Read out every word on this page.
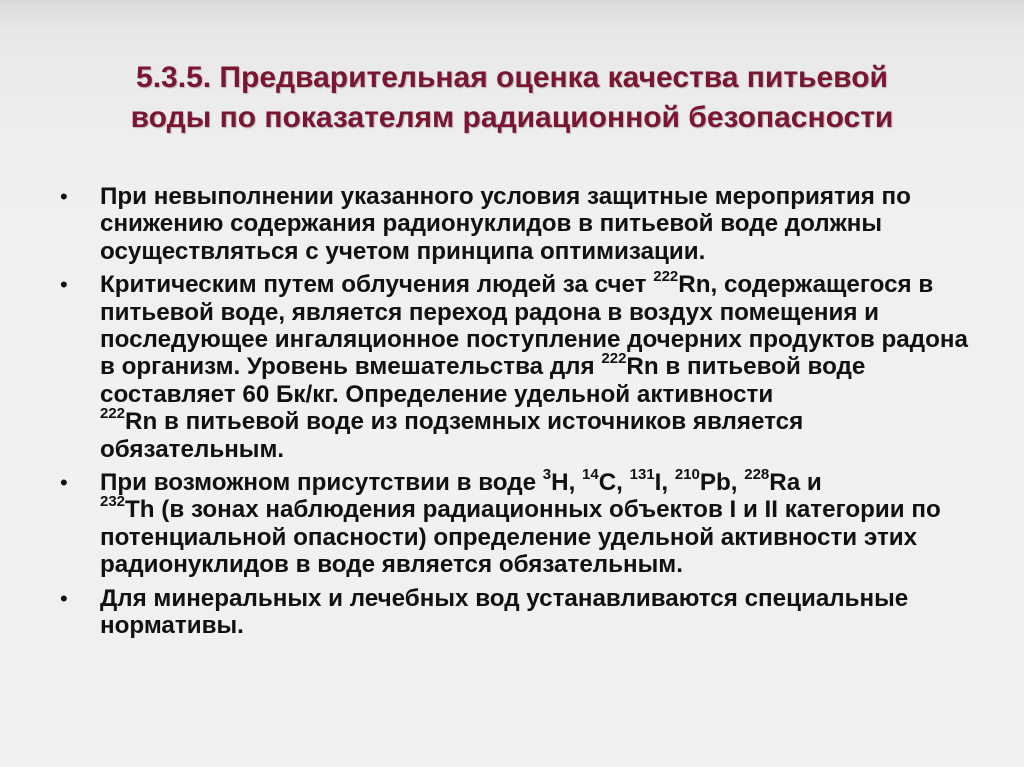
5.3.5. Предварительная оценка качества питьевой
воды по показателям радиационной безопасности
• При невыполнении указанного условия защитные мероприятия по снижению содержания радионуклидов в питьевой воде должны осуществляться с учетом принципа оптимизации.
• Критическим путем облучения людей за счет $^{222}$Rn, содержащегося в питьевой воде, является переход радона в воздух помещения и последующее ингаляционное поступление дочерних продуктов радона в организм. Уровень вмешательства для $^{222}$Rn в питьевой воде составляет 60 Бк/кг. Определение удельной активности
$^{222}$Rn в питьевой воде из подземных источников является обязательным.
• При возможном присутствии в воде $^3$H, $^{14}$C, $^{131}$I, $^{210}$Pb, $^{228}$Ra и
$^{232}$Th (в зонах наблюдения радиационных объектов I и II категории по потенциальной опасности) определение удельной активности этих радионуклидов в воде является обязательным.
• Для минеральных и лечебных вод устанавливаются специальные нормативы.
